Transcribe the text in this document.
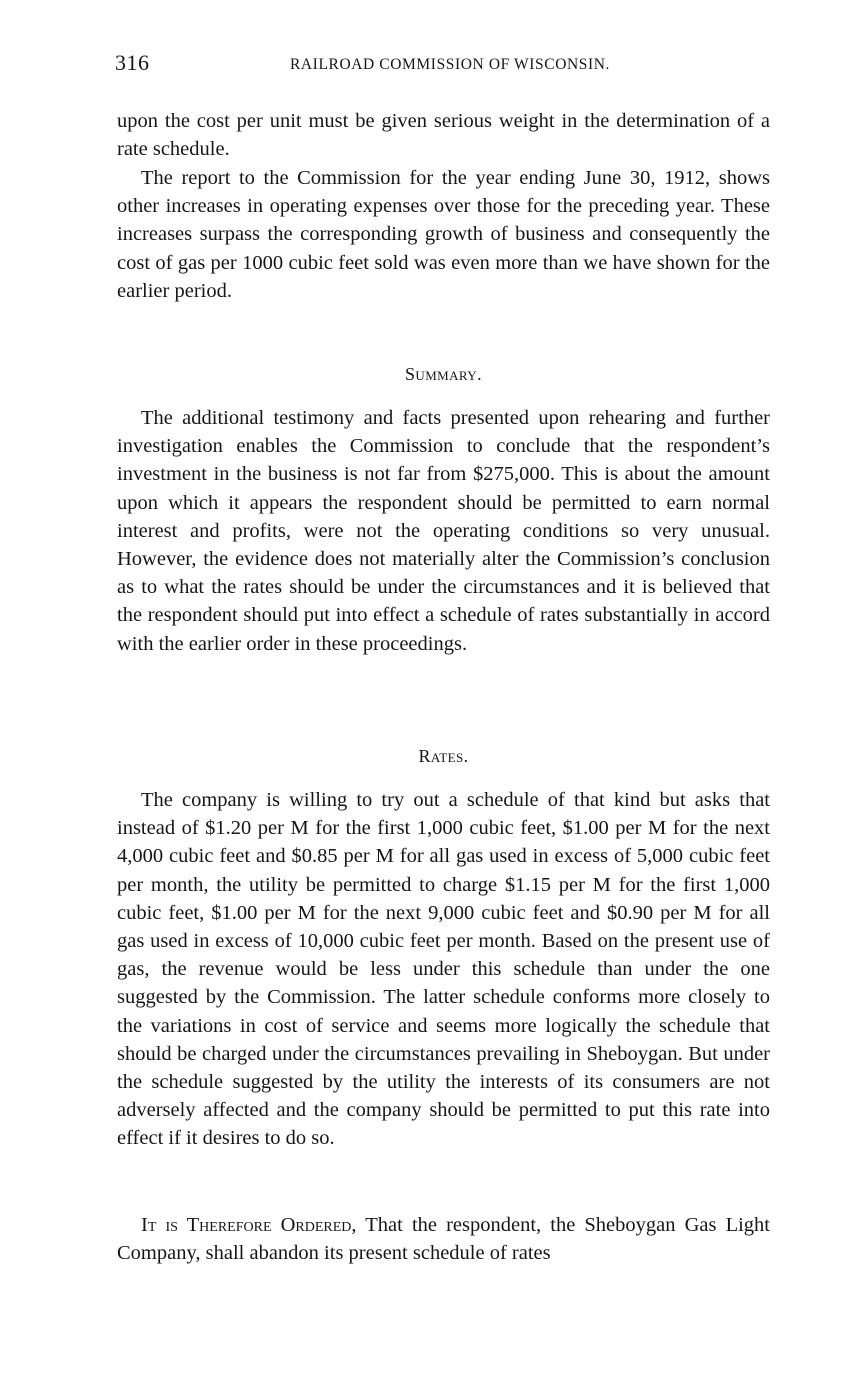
316	RAILROAD COMMISSION OF WISCONSIN.

upon the cost per unit must be given serious weight in the determination of a rate schedule.

The report to the Commission for the year ending June 30, 1912, shows other increases in operating expenses over those for the preceding year. These increases surpass the corresponding growth of business and consequently the cost of gas per 1000 cubic feet sold was even more than we have shown for the earlier period.

Summary.

The additional testimony and facts presented upon rehearing and further investigation enables the Commission to conclude that the respondent’s investment in the business is not far from $275,000. This is about the amount upon which it appears the respondent should be permitted to earn normal interest and profits, were not the operating conditions so very unusual. However, the evidence does not materially alter the Commission’s conclusion as to what the rates should be under the circumstances and it is believed that the respondent should put into effect a schedule of rates substantially in accord with the earlier order in these proceedings.

Rates.

The company is willing to try out a schedule of that kind but asks that instead of $1.20 per M for the first 1,000 cubic feet, $1.00 per M for the next 4,000 cubic feet and $0.85 per M for all gas used in excess of 5,000 cubic feet per month, the utility be permitted to charge $1.15 per M for the first 1,000 cubic feet, $1.00 per M for the next 9,000 cubic feet and $0.90 per M for all gas used in excess of 10,000 cubic feet per month. Based on the present use of gas, the revenue would be less under this schedule than under the one suggested by the Commission. The latter schedule conforms more closely to the variations in cost of service and seems more logically the schedule that should be charged under the circumstances prevailing in Sheboygan. But under the schedule suggested by the utility the interests of its consumers are not adversely affected and the company should be permitted to put this rate into effect if it desires to do so.

It is Therefore Ordered, That the respondent, the Sheboygan Gas Light Company, shall abandon its present schedule of rates
